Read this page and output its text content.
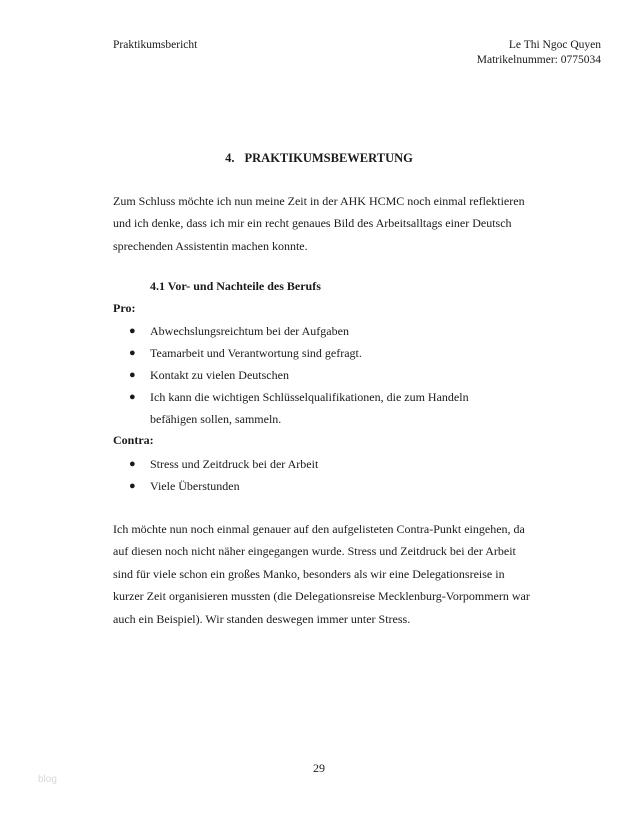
Praktikumsbericht	Le Thi Ngoc Quyen
Matrikelnummer: 0775034
4. PRAKTIKUMSBEWERTUNG
Zum Schluss möchte ich nun meine Zeit in der AHK HCMC noch einmal reflektieren und ich denke, dass ich mir ein recht genaues Bild des Arbeitsalltags einer Deutsch sprechenden Assistentin machen konnte.
4.1 Vor- und Nachteile des Berufs
Pro:
● Abwechslungsreichtum bei der Aufgaben
● Teamarbeit und Verantwortung sind gefragt.
● Kontakt zu vielen Deutschen
● Ich kann die wichtigen Schlüsselqualifikationen, die zum Handeln befähigen sollen, sammeln.
Contra:
● Stress und Zeitdruck bei der Arbeit
● Viele Überstunden
Ich möchte nun noch einmal genauer auf den aufgelisteten Contra-Punkt eingehen, da auf diesen noch nicht näher eingegangen wurde. Stress und Zeitdruck bei der Arbeit sind für viele schon ein großes Manko, besonders als wir eine Delegationsreise in kurzer Zeit organisieren mussten (die Delegationsreise Mecklenburg-Vorpommern war auch ein Beispiel). Wir standen deswegen immer unter Stress.
29
blog
